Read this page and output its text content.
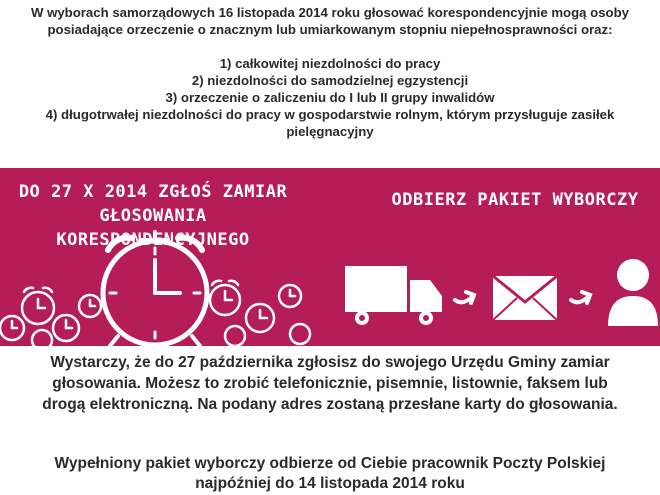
W wyborach samorządowych 16 listopada 2014 roku głosować korespondencyjnie mogą osoby

posiadające orzeczenie o znacznym lub umiarkowanym stopniu niepełnosprawności oraz:

1) całkowitej niezdolności do pracy

2) niezdolności do samodzielnej egzystencji

3) orzeczenie o zaliczeniu do I lub II grupy inwalidów

4) długotrwałej niezdolności do pracy w gospodarstwie rolnym, którym przysługuje zasiłek

pielęgnacyjny

DO 27 X 2014 ZGŁOŚ ZAMIAR
GŁOSOWANIA KORESPONDENCYJNEGO
ODBIERZ PAKIET WYBORCZY

Wystarczy, że do 27 października zgłosisz do swojego Urzędu Gminy zamiar

głosowania. Możesz to zrobić telefonicznie, pisemnie, listownie, faksem lub

drogą elektroniczną. Na podany adres zostaną przesłane karty do głosowania.

Wypełniony pakiet wyborczy odbierze od Ciebie pracownik Poczty Polskiej

najpóźniej do 14 listopada 2014 roku
